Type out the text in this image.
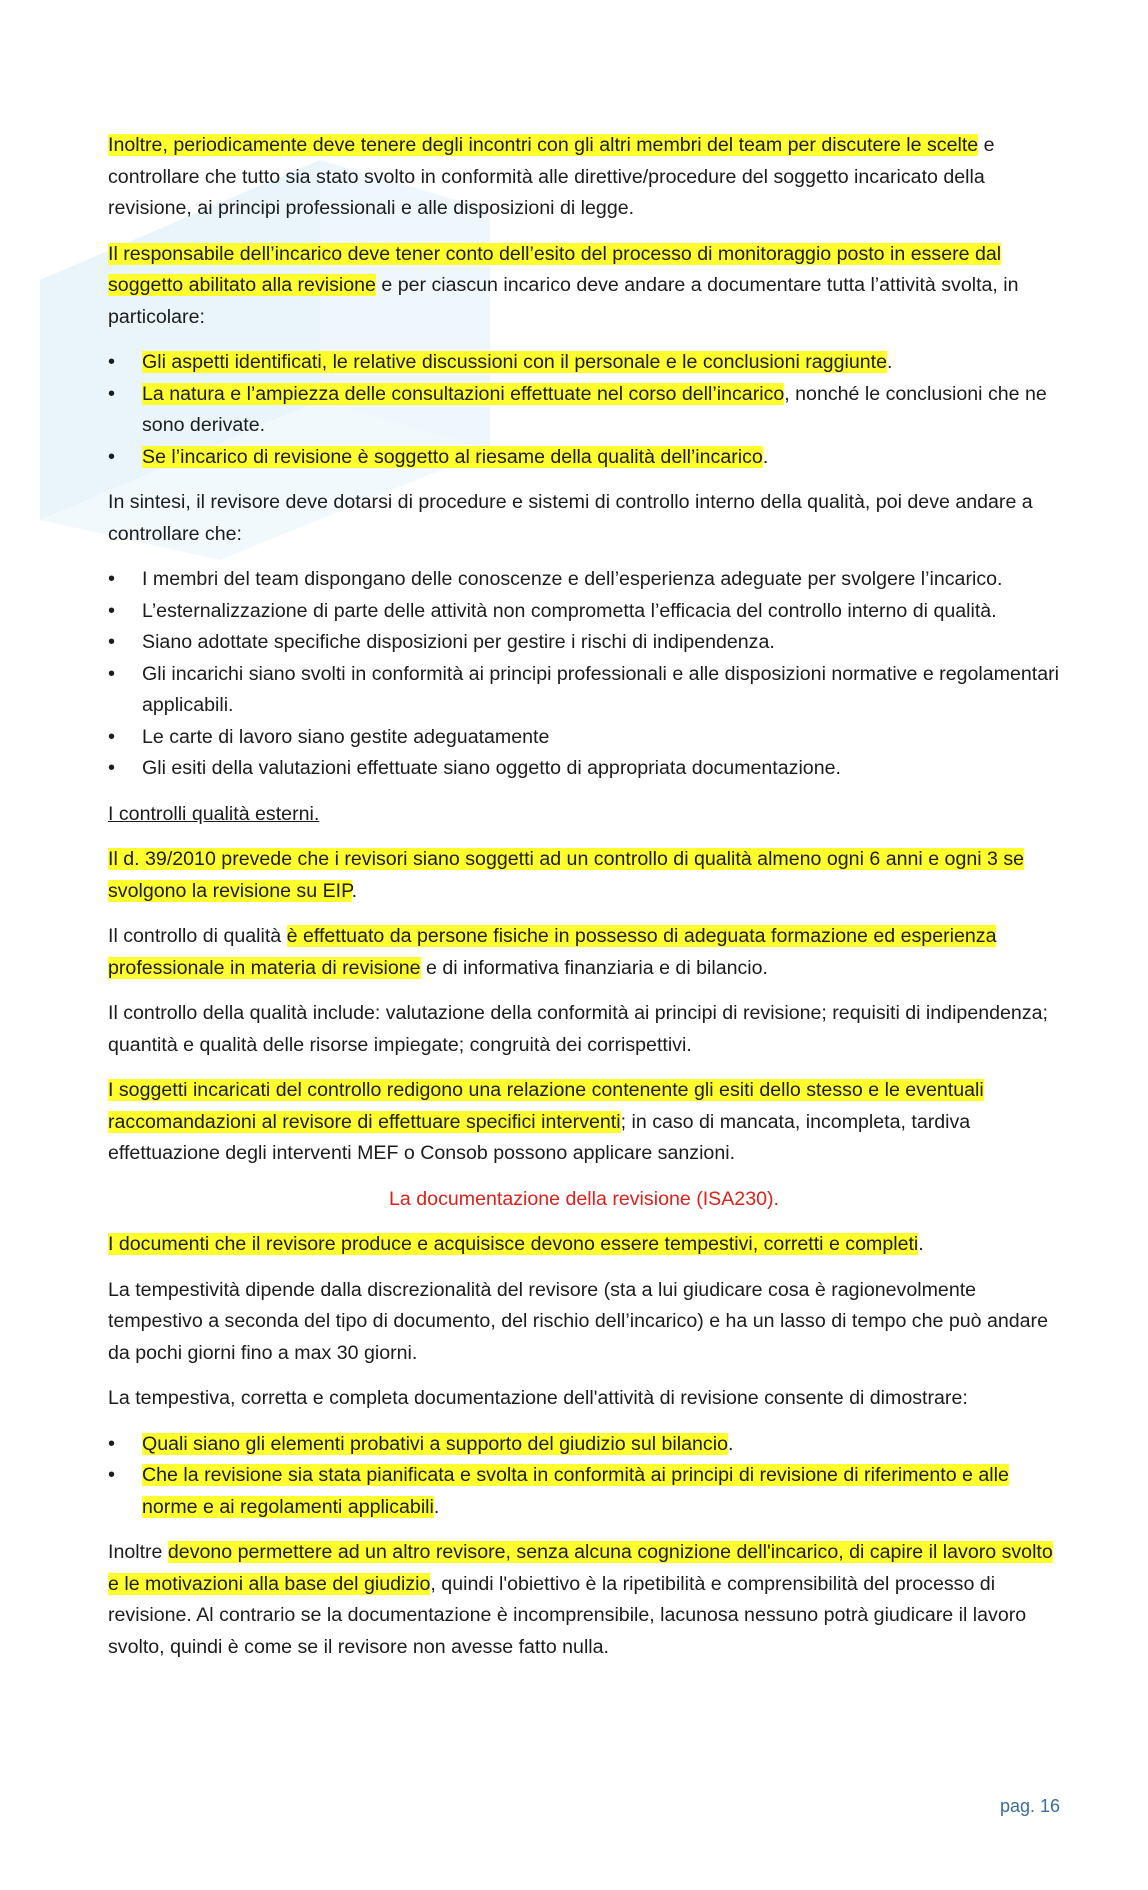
Inoltre, periodicamente deve tenere degli incontri con gli altri membri del team per discutere le scelte e controllare che tutto sia stato svolto in conformità alle direttive/procedure del soggetto incaricato della revisione, ai principi professionali e alle disposizioni di legge.

Il responsabile dell’incarico deve tener conto dell’esito del processo di monitoraggio posto in essere dal soggetto abilitato alla revisione e per ciascun incarico deve andare a documentare tutta l’attività svolta, in particolare:

• Gli aspetti identificati, le relative discussioni con il personale e le conclusioni raggiunte.
• La natura e l’ampiezza delle consultazioni effettuate nel corso dell’incarico, nonché le conclusioni che ne sono derivate.
• Se l’incarico di revisione è soggetto al riesame della qualità dell’incarico.

In sintesi, il revisore deve dotarsi di procedure e sistemi di controllo interno della qualità, poi deve andare a controllare che:

• I membri del team dispongano delle conoscenze e dell’esperienza adeguate per svolgere l’incarico.
• L’esternalizzazione di parte delle attività non comprometta l’efficacia del controllo interno di qualità.
• Siano adottate specifiche disposizioni per gestire i rischi di indipendenza.
• Gli incarichi siano svolti in conformità ai principi professionali e alle disposizioni normative e regolamentari applicabili.
• Le carte di lavoro siano gestite adeguatamente
• Gli esiti della valutazioni effettuate siano oggetto di appropriata documentazione.

I controlli qualità esterni.

Il d. 39/2010 prevede che i revisori siano soggetti ad un controllo di qualità almeno ogni 6 anni e ogni 3 se svolgono la revisione su EIP.

Il controllo di qualità è effettuato da persone fisiche in possesso di adeguata formazione ed esperienza professionale in materia di revisione e di informativa finanziaria e di bilancio.

Il controllo della qualità include: valutazione della conformità ai principi di revisione; requisiti di indipendenza; quantità e qualità delle risorse impiegate; congruità dei corrispettivi.

I soggetti incaricati del controllo redigono una relazione contenente gli esiti dello stesso e le eventuali raccomandazioni al revisore di effettuare specifici interventi; in caso di mancata, incompleta, tardiva effettuazione degli interventi MEF o Consob possono applicare sanzioni.

La documentazione della revisione (ISA230).

I documenti che il revisore produce e acquisisce devono essere tempestivi, corretti e completi.

La tempestività dipende dalla discrezionalità del revisore (sta a lui giudicare cosa è ragionevolmente tempestivo a seconda del tipo di documento, del rischio dell’incarico) e ha un lasso di tempo che può andare da pochi giorni fino a max 30 giorni.

La tempestiva, corretta e completa documentazione dell'attività di revisione consente di dimostrare:

• Quali siano gli elementi probativi a supporto del giudizio sul bilancio.
• Che la revisione sia stata pianificata e svolta in conformità ai principi di revisione di riferimento e alle norme e ai regolamenti applicabili.

Inoltre devono permettere ad un altro revisore, senza alcuna cognizione dell'incarico, di capire il lavoro svolto e le motivazioni alla base del giudizio, quindi l'obiettivo è la ripetibilità e comprensibilità del processo di revisione. Al contrario se la documentazione è incomprensibile, lacunosa nessuno potrà giudicare il lavoro svolto, quindi è come se il revisore non avesse fatto nulla.

pag. 16
